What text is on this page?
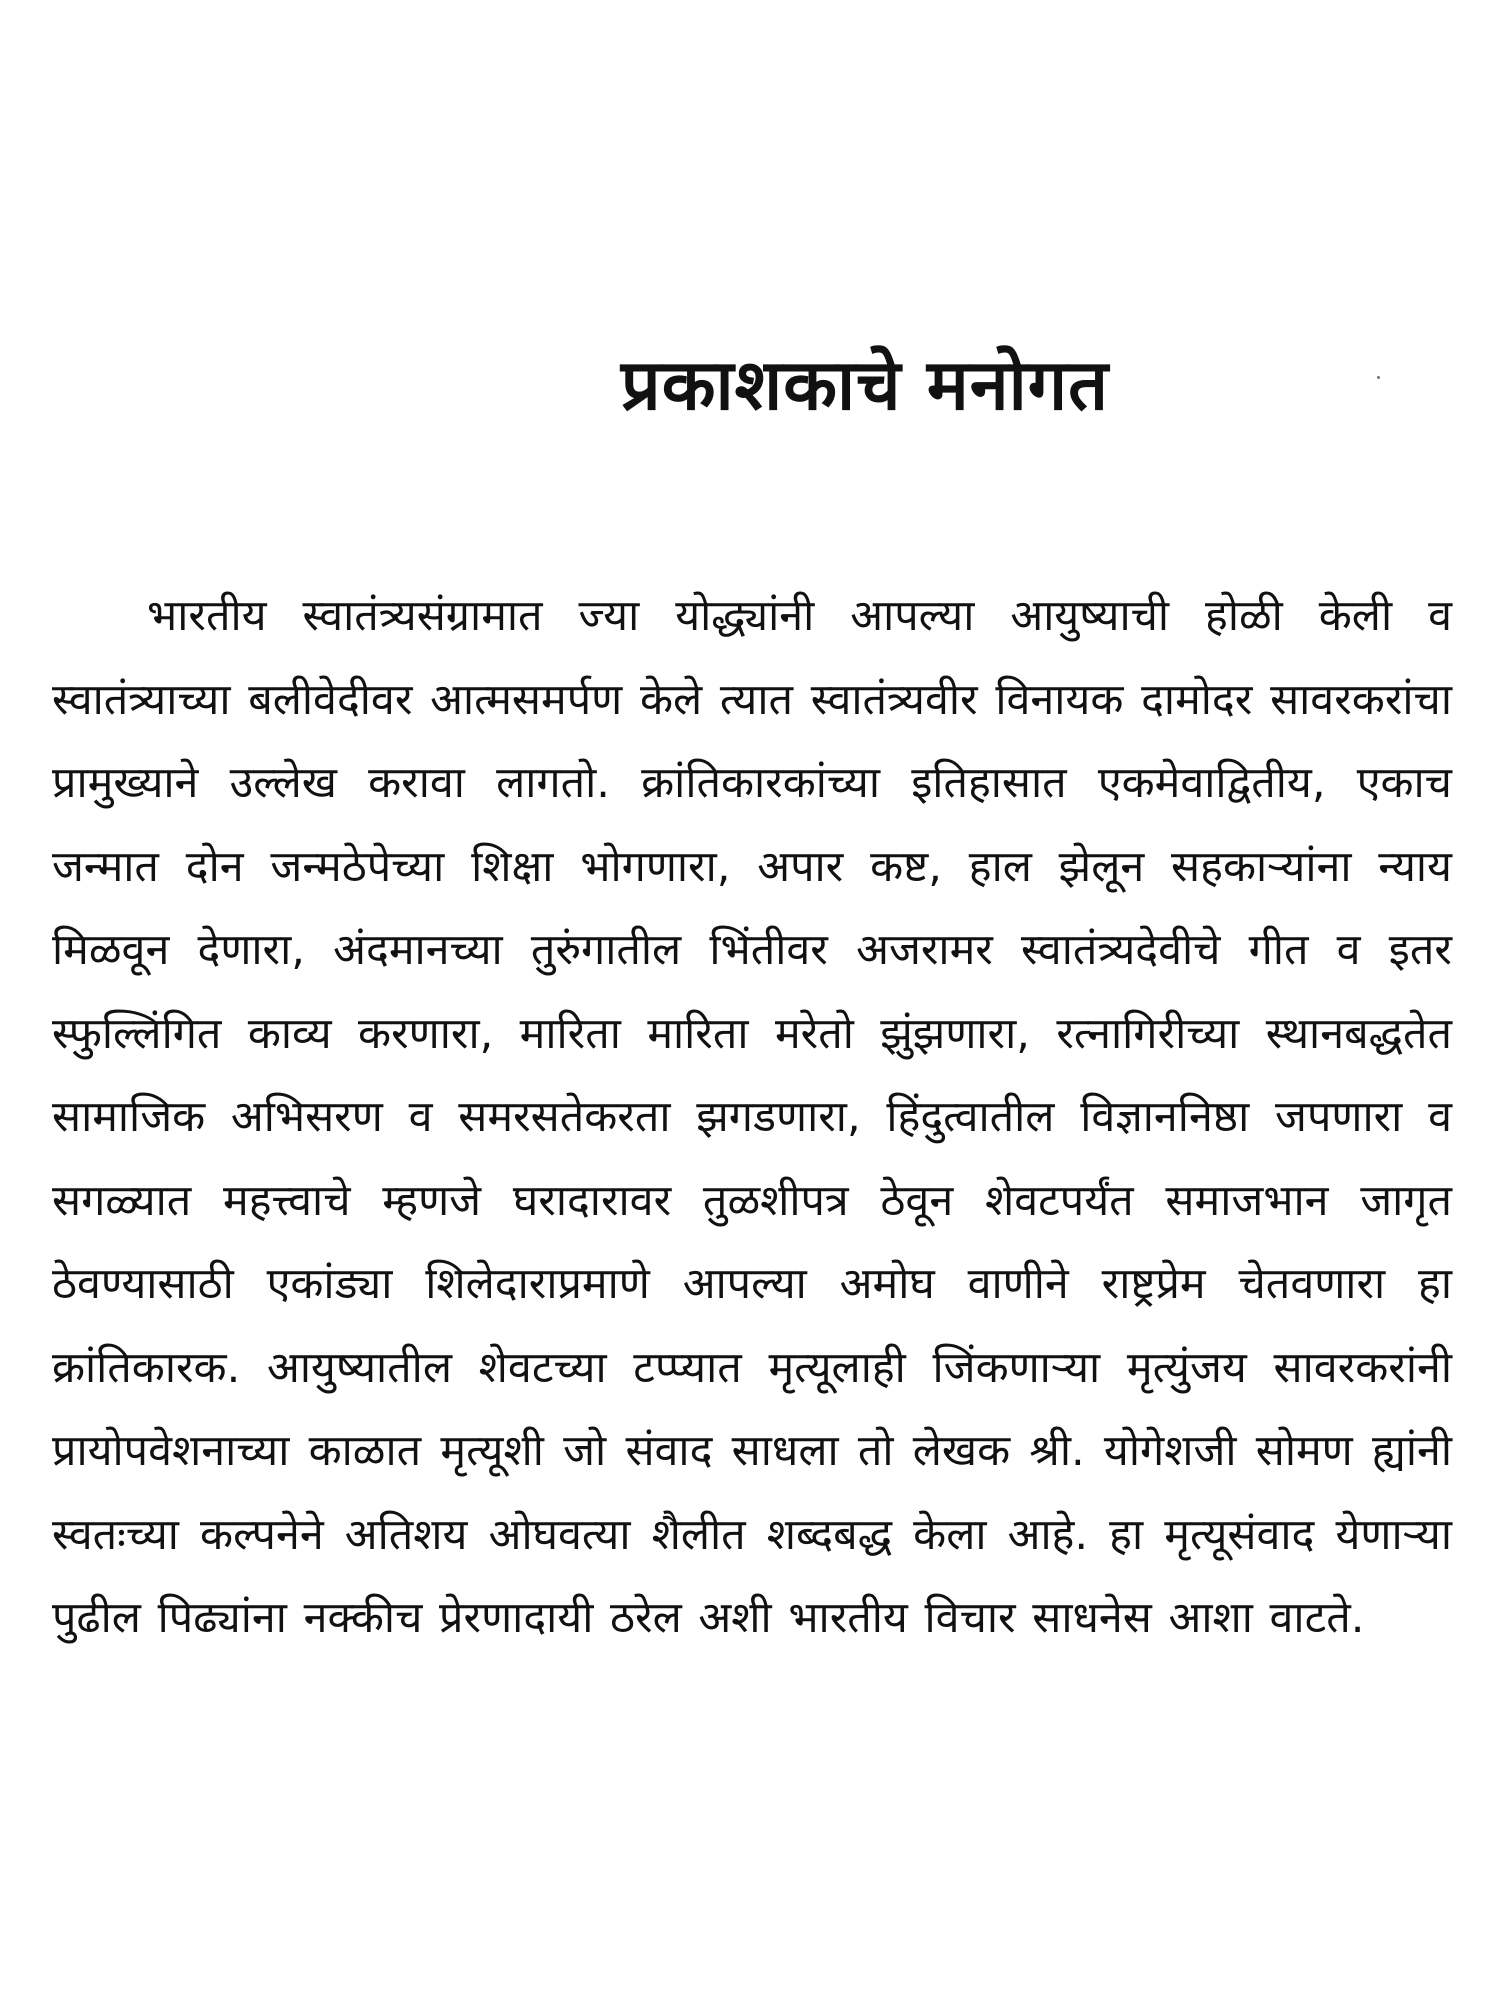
प्रकाशकाचे मनोगत

भारतीय स्वातंत्र्यसंग्रामात ज्या योद्ध्यांनी आपल्या आयुष्याची होळी केली व स्वातंत्र्याच्या बलीवेदीवर आत्मसमर्पण केले त्यात स्वातंत्र्यवीर विनायक दामोदर सावरकरांचा प्रामुख्याने उल्लेख करावा लागतो. क्रांतिकारकांच्या इतिहासात एकमेवाद्वितीय, एकाच जन्मात दोन जन्मठेपेच्या शिक्षा भोगणारा, अपार कष्ट, हाल झेलून सहकाऱ्यांना न्याय मिळवून देणारा, अंदमानच्या तुरुंगातील भिंतीवर अजरामर स्वातंत्र्यदेवीचे गीत व इतर स्फुल्लिंगित काव्य करणारा, मारिता मारिता मरेतो झुंझणारा, रत्नागिरीच्या स्थानबद्धतेत सामाजिक अभिसरण व समरसतेकरता झगडणारा, हिंदुत्वातील विज्ञाननिष्ठा जपणारा व सगळ्यात महत्त्वाचे म्हणजे घरादारावर तुळशीपत्र ठेवून शेवटपर्यंत समाजभान जागृत ठेवण्यासाठी एकांड्या शिलेदाराप्रमाणे आपल्या अमोघ वाणीने राष्ट्रप्रेम चेतवणारा हा क्रांतिकारक. आयुष्यातील शेवटच्या टप्प्यात मृत्यूलाही जिंकणाऱ्या मृत्युंजय सावरकरांनी प्रायोपवेशनाच्या काळात मृत्यूशी जो संवाद साधला तो लेखक श्री. योगेशजी सोमण ह्यांनी स्वतःच्या कल्पनेने अतिशय ओघवत्या शैलीत शब्दबद्ध केला आहे. हा मृत्यूसंवाद येणाऱ्या पुढील पिढ्यांना नक्कीच प्रेरणादायी ठरेल अशी भारतीय विचार साधनेस आशा वाटते.
